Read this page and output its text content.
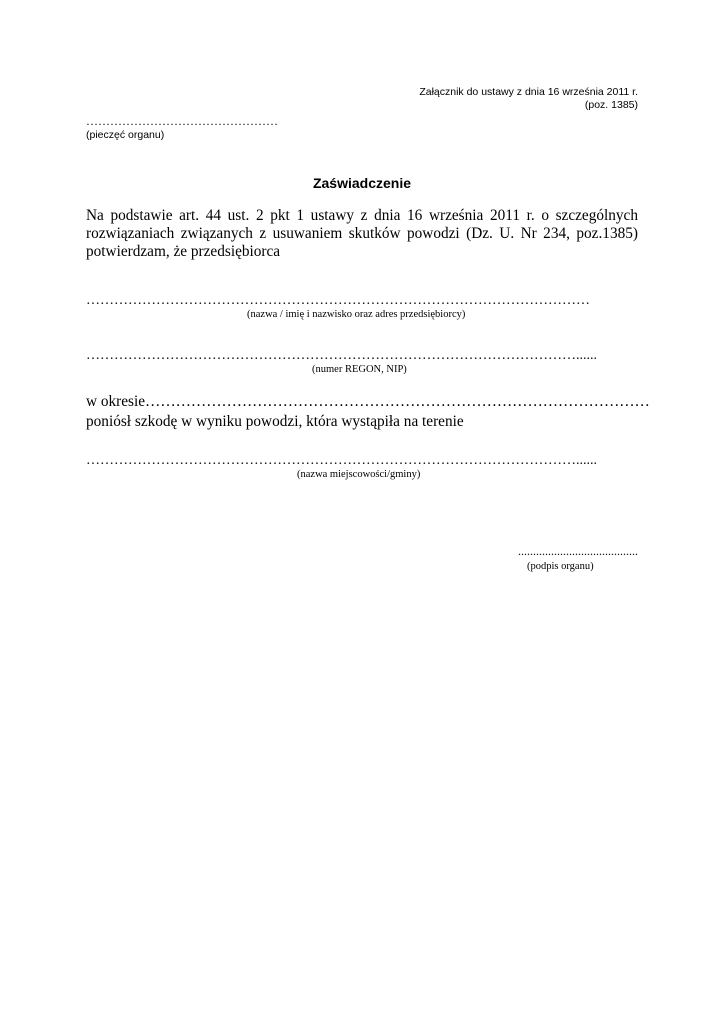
Załącznik do ustawy z dnia 16 września 2011 r.
(poz. 1385)
…………………………………………
(pieczęć organu)
Zaświadczenie
Na podstawie art. 44 ust. 2 pkt 1 ustawy z dnia 16 września 2011 r. o szczególnych rozwiązaniach związanych z usuwaniem skutków powodzi (Dz. U. Nr 234, poz.1385) potwierdzam, że przedsiębiorca
………………………………………………………………………………………………
(nazwa / imię i nazwisko oraz adres przedsiębiorcy)
……………………………………………………………………………………………......
(numer REGON, NIP)
w okresie………………………………………………………………………………………
poniósł szkodę w wyniku powodzi, która wystąpiła na terenie
……………………………………………………………………………………………......
(nazwa miejscowości/gminy)
........................................
(podpis organu)
